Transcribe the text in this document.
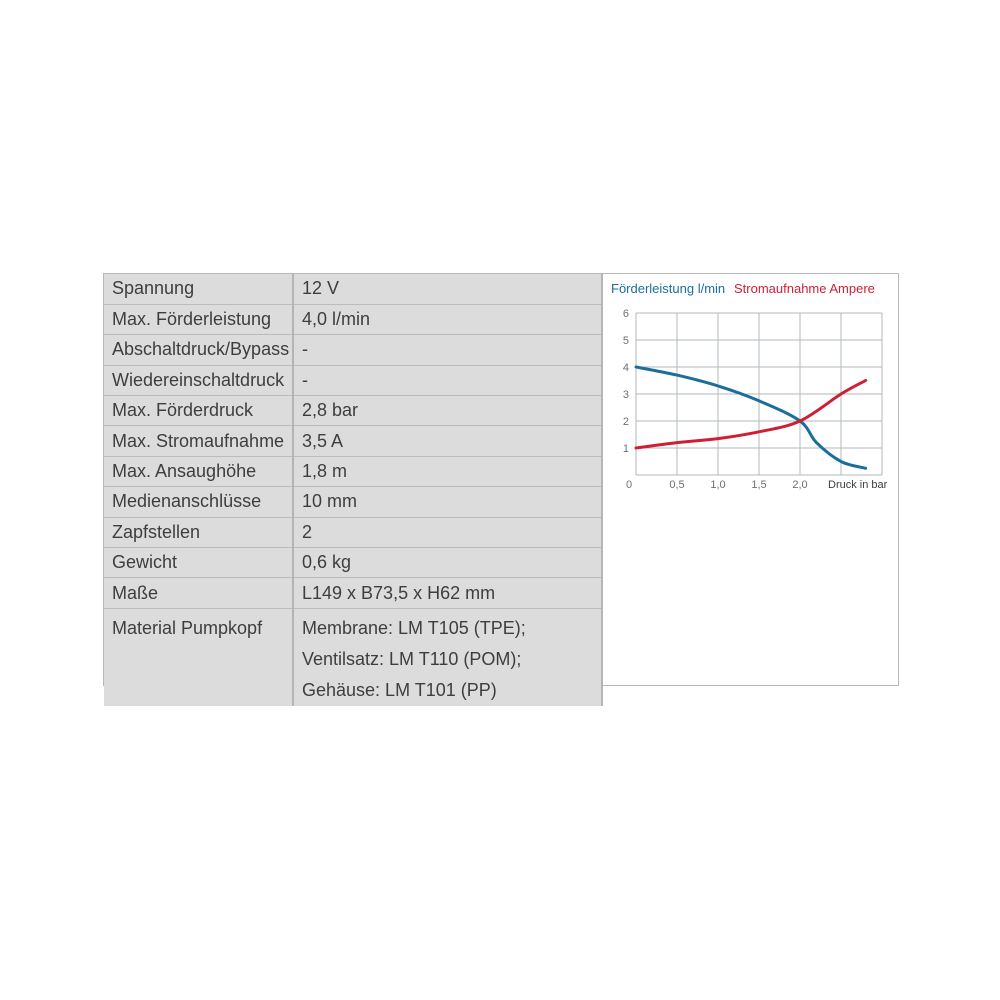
Spannung	12 V
Max. Förderleistung	4,0 l/min
Abschaltdruck/Bypass	-
Wiedereinschaltdruck	-
Max. Förderdruck	2,8 bar
Max. Stromaufnahme	3,5 A
Max. Ansaughöhe	1,8 m
Medienanschlüsse	10 mm
Zapfstellen	2
Gewicht	0,6 kg
Maße	L149 x B73,5 x H62 mm
Material Pumpkopf	Membrane: LM T105 (TPE); Ventilsatz: LM T110 (POM); Gehäuse: LM T101 (PP)
Förderleistung l/min Stromaufnahme Ampere
1
2
3
4
5
6
0	0,5 1,0 1,5 2,0 Druck in bar
